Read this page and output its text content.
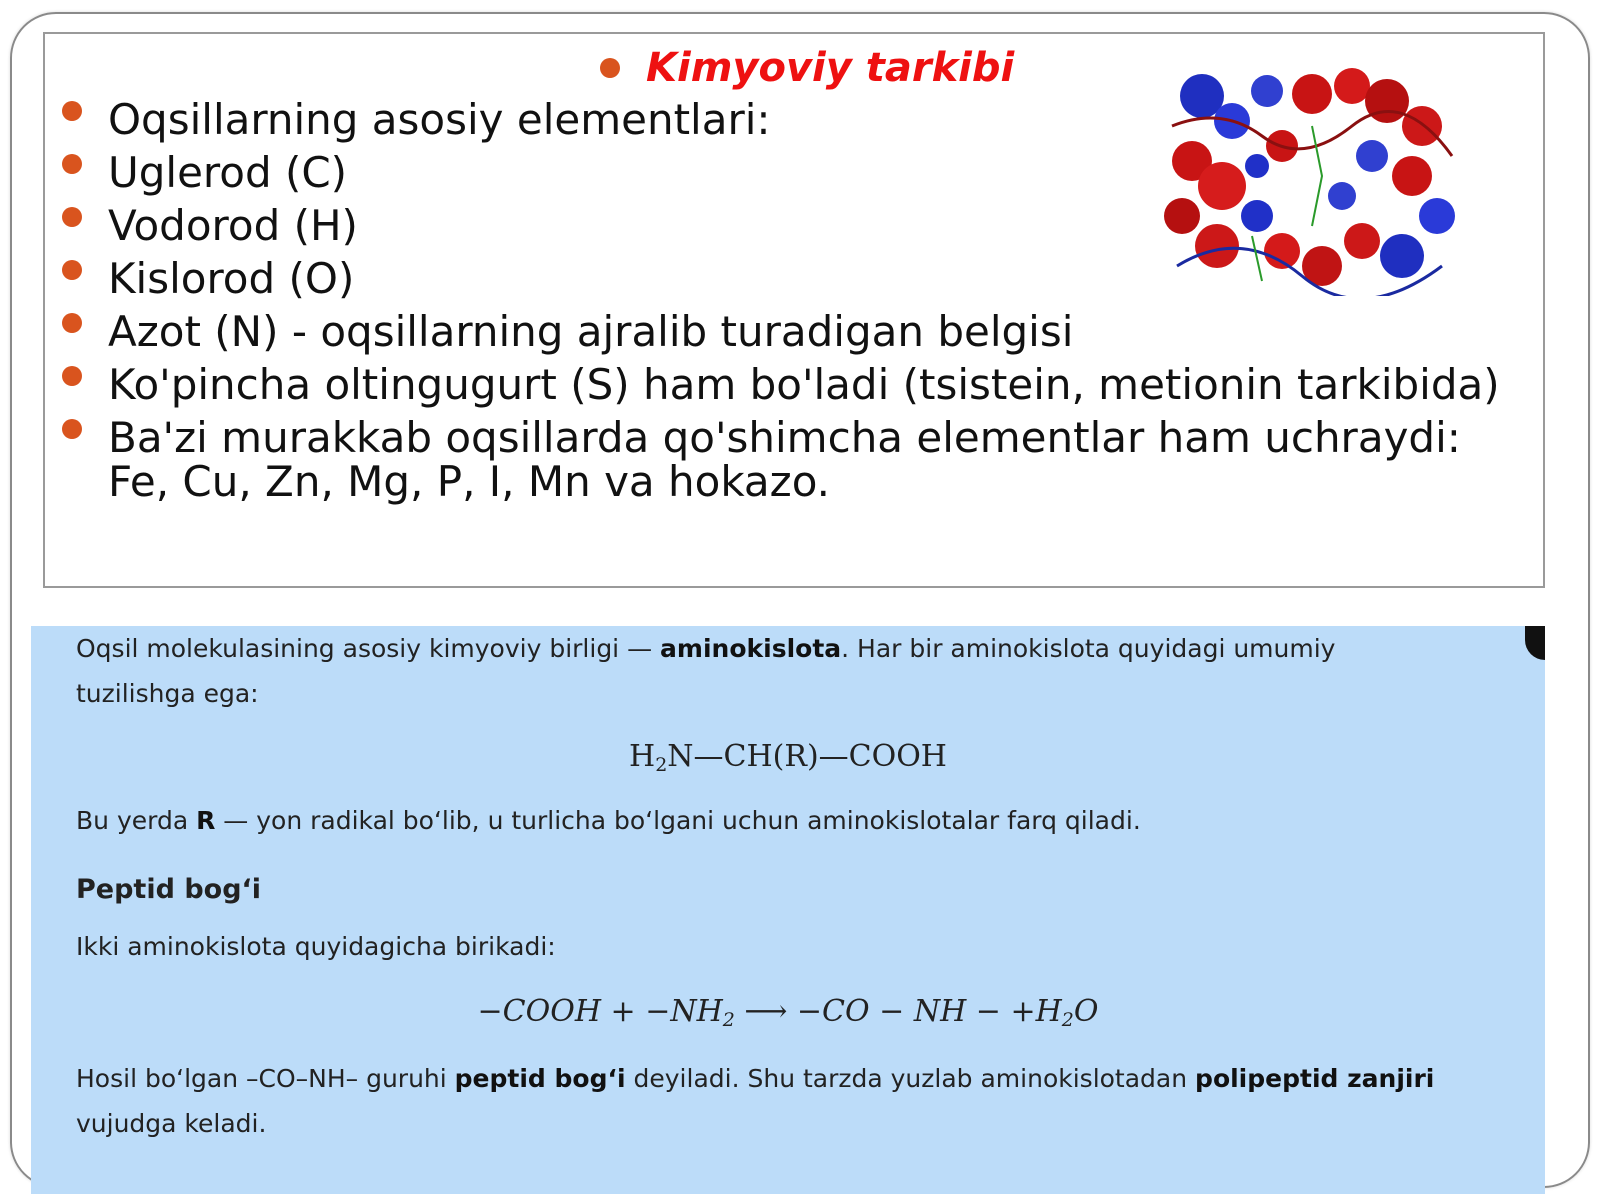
Kimyoviy tarkibi
Oqsillarning asosiy elementlari:
Uglerod (C)
Vodorod (H)
Kislorod (O)
Azot (N) - oqsillarning ajralib turadigan belgisi
Ko'pincha oltingugurt (S) ham bo'ladi (tsistein, metionin tarkibida)
Ba'zi murakkab oqsillarda qo'shimcha elementlar ham uchraydi: Fe, Cu, Zn, Mg, P, I, Mn va hokazo.
Oqsil molekulasining asosiy kimyoviy birligi — aminokislota. Har bir aminokislota quyidagi umumiy tuzilishga ega:
$H_2N—CH(R)—COOH$
Bu yerda R — yon radikal bo‘lib, u turlicha bo‘lgani uchun aminokislotalar farq qiladi.
Peptid bog‘i
Ikki aminokislota quyidagicha birikadi:
−COOH + $-NH_2$ ⟶ −CO − NH − $+H_2O$
Hosil bo‘lgan –CO–NH– guruhi peptid bog‘i deyiladi. Shu tarzda yuzlab aminokislotadan polipeptid zanjiri vujudga keladi.
